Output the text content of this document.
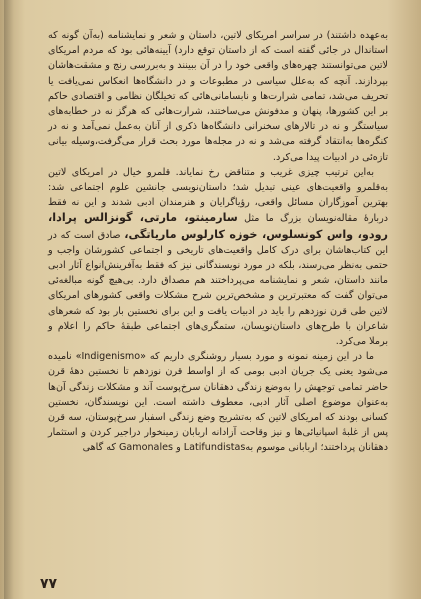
به‌عهده داشتند) در سراسر امریکای لاتین، داستان و شعر و نمایشنامه (به‌آن گونه که استاندال در جائی گفته است که از داستان توقع دارد) آیینه‌هائی بود که مردم امریکای لاتین می‌توانستند چهره‌های واقعی خود را در آن ببینند و به‌بررسی رنج و مشقت‌هاشان بپردازند. آنچه که به‌علل سیاسی در مطبوعات و در دانشگاه‌ها انعکاس نمی‌یافت یا تحریف می‌شد، تمامی شرارت‌ها و نابسامانی‌هائی که تخیلگان نظامی و اقتصادی حاکم بر این کشورها، پنهان و مدفونش می‌ساختند، شرارت‌هائی که هرگز نه در خطابه‌های سیاستگر و نه در تالارهای سخنرانی دانشگاه‌ها ذکری از آنان به‌عمل نمی‌آمد و نه در کنگره‌ها به‌انتقاد گرفته می‌شد و نه در مجله‌ها مورد بحث قرار می‌گرفت،وسیله بیانی تازه‌ئی در ادبیات پیدا می‌کرد.

به‌این ترتیب چیزی غریب و متناقض رخ نمایاند. قلمرو خیال در امریکای لاتین به‌قلمرو واقعیت‌های عینی تبدیل شد؛ داستان‌نویسی جانشین علوم اجتماعی شد: بهترین آموزگاران مسائل واقعی، رؤیاگرایان و هنرمندان ادبی شدند و این نه فقط دربارهٔ مقاله‌نویسان بزرگ ما مثل سارمینتو، مارتی، گونزالس پرادا، رودو، واس کونسلوس، خوزه کارلوس ماریاتگی، صادق است که در این کتاب‌هاشان برای درک کامل واقعیت‌های تاریخی و اجتماعی کشورشان واجب و حتمی به‌نظر می‌رسند، بلکه در مورد نویسندگانی نیز که فقط به‌آفرینش‌انواع آثار ادبی مانند داستان، شعر و نمایشنامه می‌پرداختند هم مصداق دارد. بی‌هیچ گونه مبالغه‌ئی می‌توان گفت که معتبرترین و مشخص‌ترین شرح مشکلات واقعی کشورهای امریکای لاتین طی قرن نوزدهم را باید در ادبیات یافت و این برای نخستین بار بود که شعرهای شاعران با طرح‌های داستان‌نویسان، ستمگری‌های اجتماعی طبقهٔ حاکم را اعلام و برملا می‌کرد.

ما در این زمینه نمونه و مورد بسیار روشنگری داریم که «Indigenismo» نامیده می‌شود یعنی یک جریان ادبی بومی که از اواسط قرن نوزدهم تا نخستین دههٔ قرن حاضر تمامی توجهش را به‌وضع زندگی دهقانان سرخ‌پوست آند و مشکلات زندگی آن‌ها به‌عنوان موضوع اصلی آثار ادبی، معطوف داشته است. این نویسندگان، نخستین کسانی بودند که امریکای لاتین که به‌تشریح وضع زندگی اسفبار سرخ‌پوستان، سه قرن پس از غلبهٔ اسپانیائی‌ها و نیز وقاحت آزادانه اربابان زمینخوار دراجیر کردن و استثمار دهقانان پرداختند؛ اربابانی موسوم به‌Latifundistas و Gamonales که گاهی

۷۷
